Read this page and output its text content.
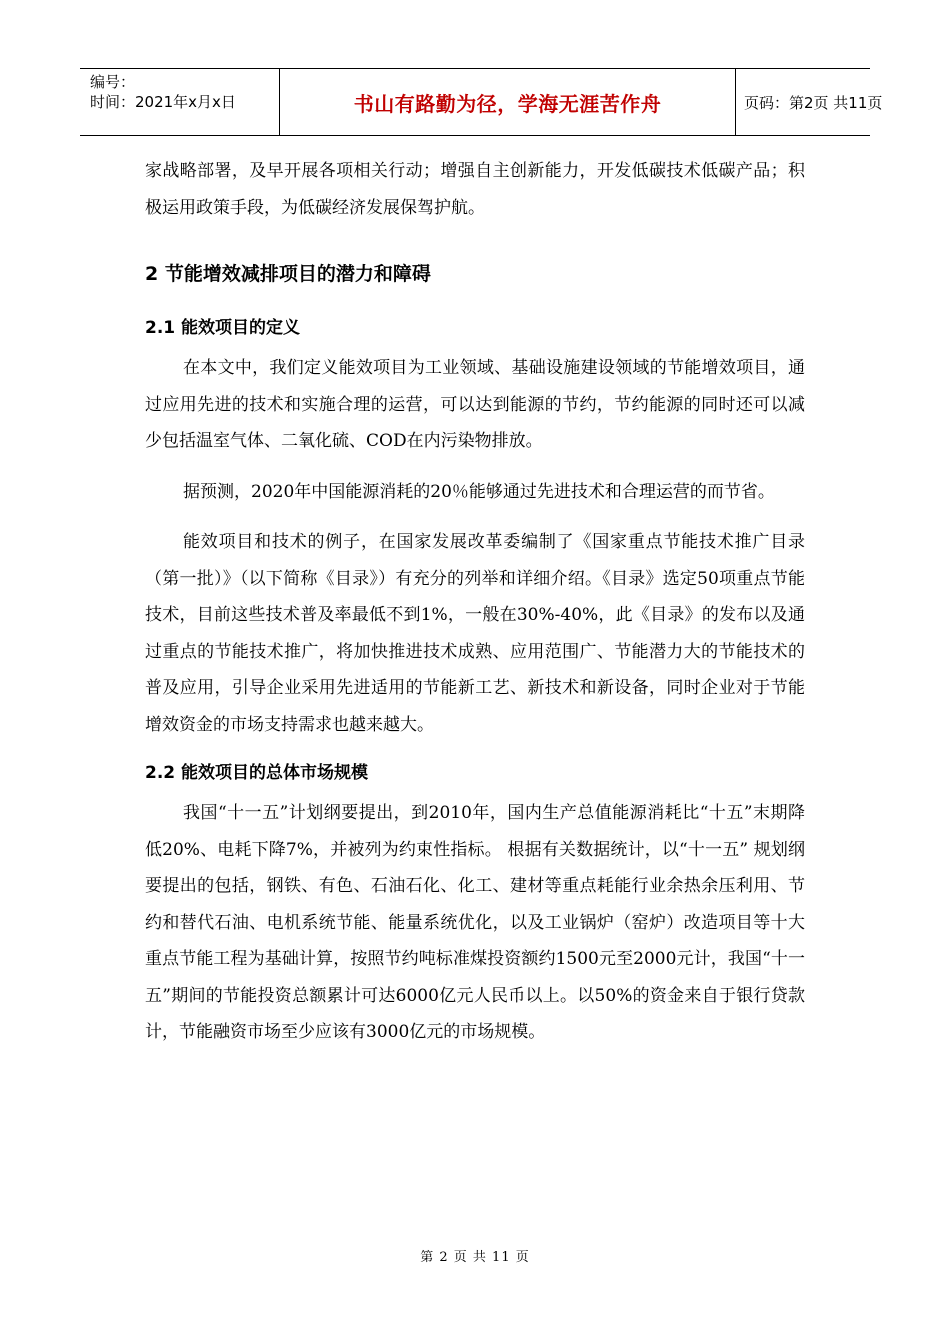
编号：
时间：2021年x月x日	书山有路勤为径，学海无涯苦作舟	页码：第2页 共11页

家战略部署，及早开展各项相关行动；增强自主创新能力，开发低碳技术低碳产品；积极运用政策手段，为低碳经济发展保驾护航。

2 节能增效减排项目的潜力和障碍

2.1 能效项目的定义

在本文中，我们定义能效项目为工业领域、基础设施建设领域的节能增效项目，通过应用先进的技术和实施合理的运营，可以达到能源的节约，节约能源的同时还可以减少包括温室气体、二氧化硫、COD在内污染物排放。

据预测，2020年中国能源消耗的20％能够通过先进技术和合理运营的而节省。

能效项目和技术的例子，在国家发展改革委编制了《国家重点节能技术推广目录（第一批）》（以下简称《目录》）有充分的列举和详细介绍。《目录》选定50项重点节能技术，目前这些技术普及率最低不到1%，一般在30%-40%，此《目录》的发布以及通过重点的节能技术推广，将加快推进技术成熟、应用范围广、节能潜力大的节能技术的普及应用，引导企业采用先进适用的节能新工艺、新技术和新设备，同时企业对于节能增效资金的市场支持需求也越来越大。

2.2 能效项目的总体市场规模

我国“十一五”计划纲要提出，到2010年，国内生产总值能源消耗比“十五”末期降低20%、电耗下降7%，并被列为约束性指标。 根据有关数据统计，以“十一五” 规划纲要提出的包括，钢铁、有色、石油石化、化工、建材等重点耗能行业余热余压利用、节约和替代石油、电机系统节能、能量系统优化，以及工业锅炉（窑炉）改造项目等十大重点节能工程为基础计算，按照节约吨标准煤投资额约1500元至2000元计，我国“十一五”期间的节能投资总额累计可达6000亿元人民币以上。以50%的资金来自于银行贷款计，节能融资市场至少应该有3000亿元的市场规模。

第 2 页 共 11 页
